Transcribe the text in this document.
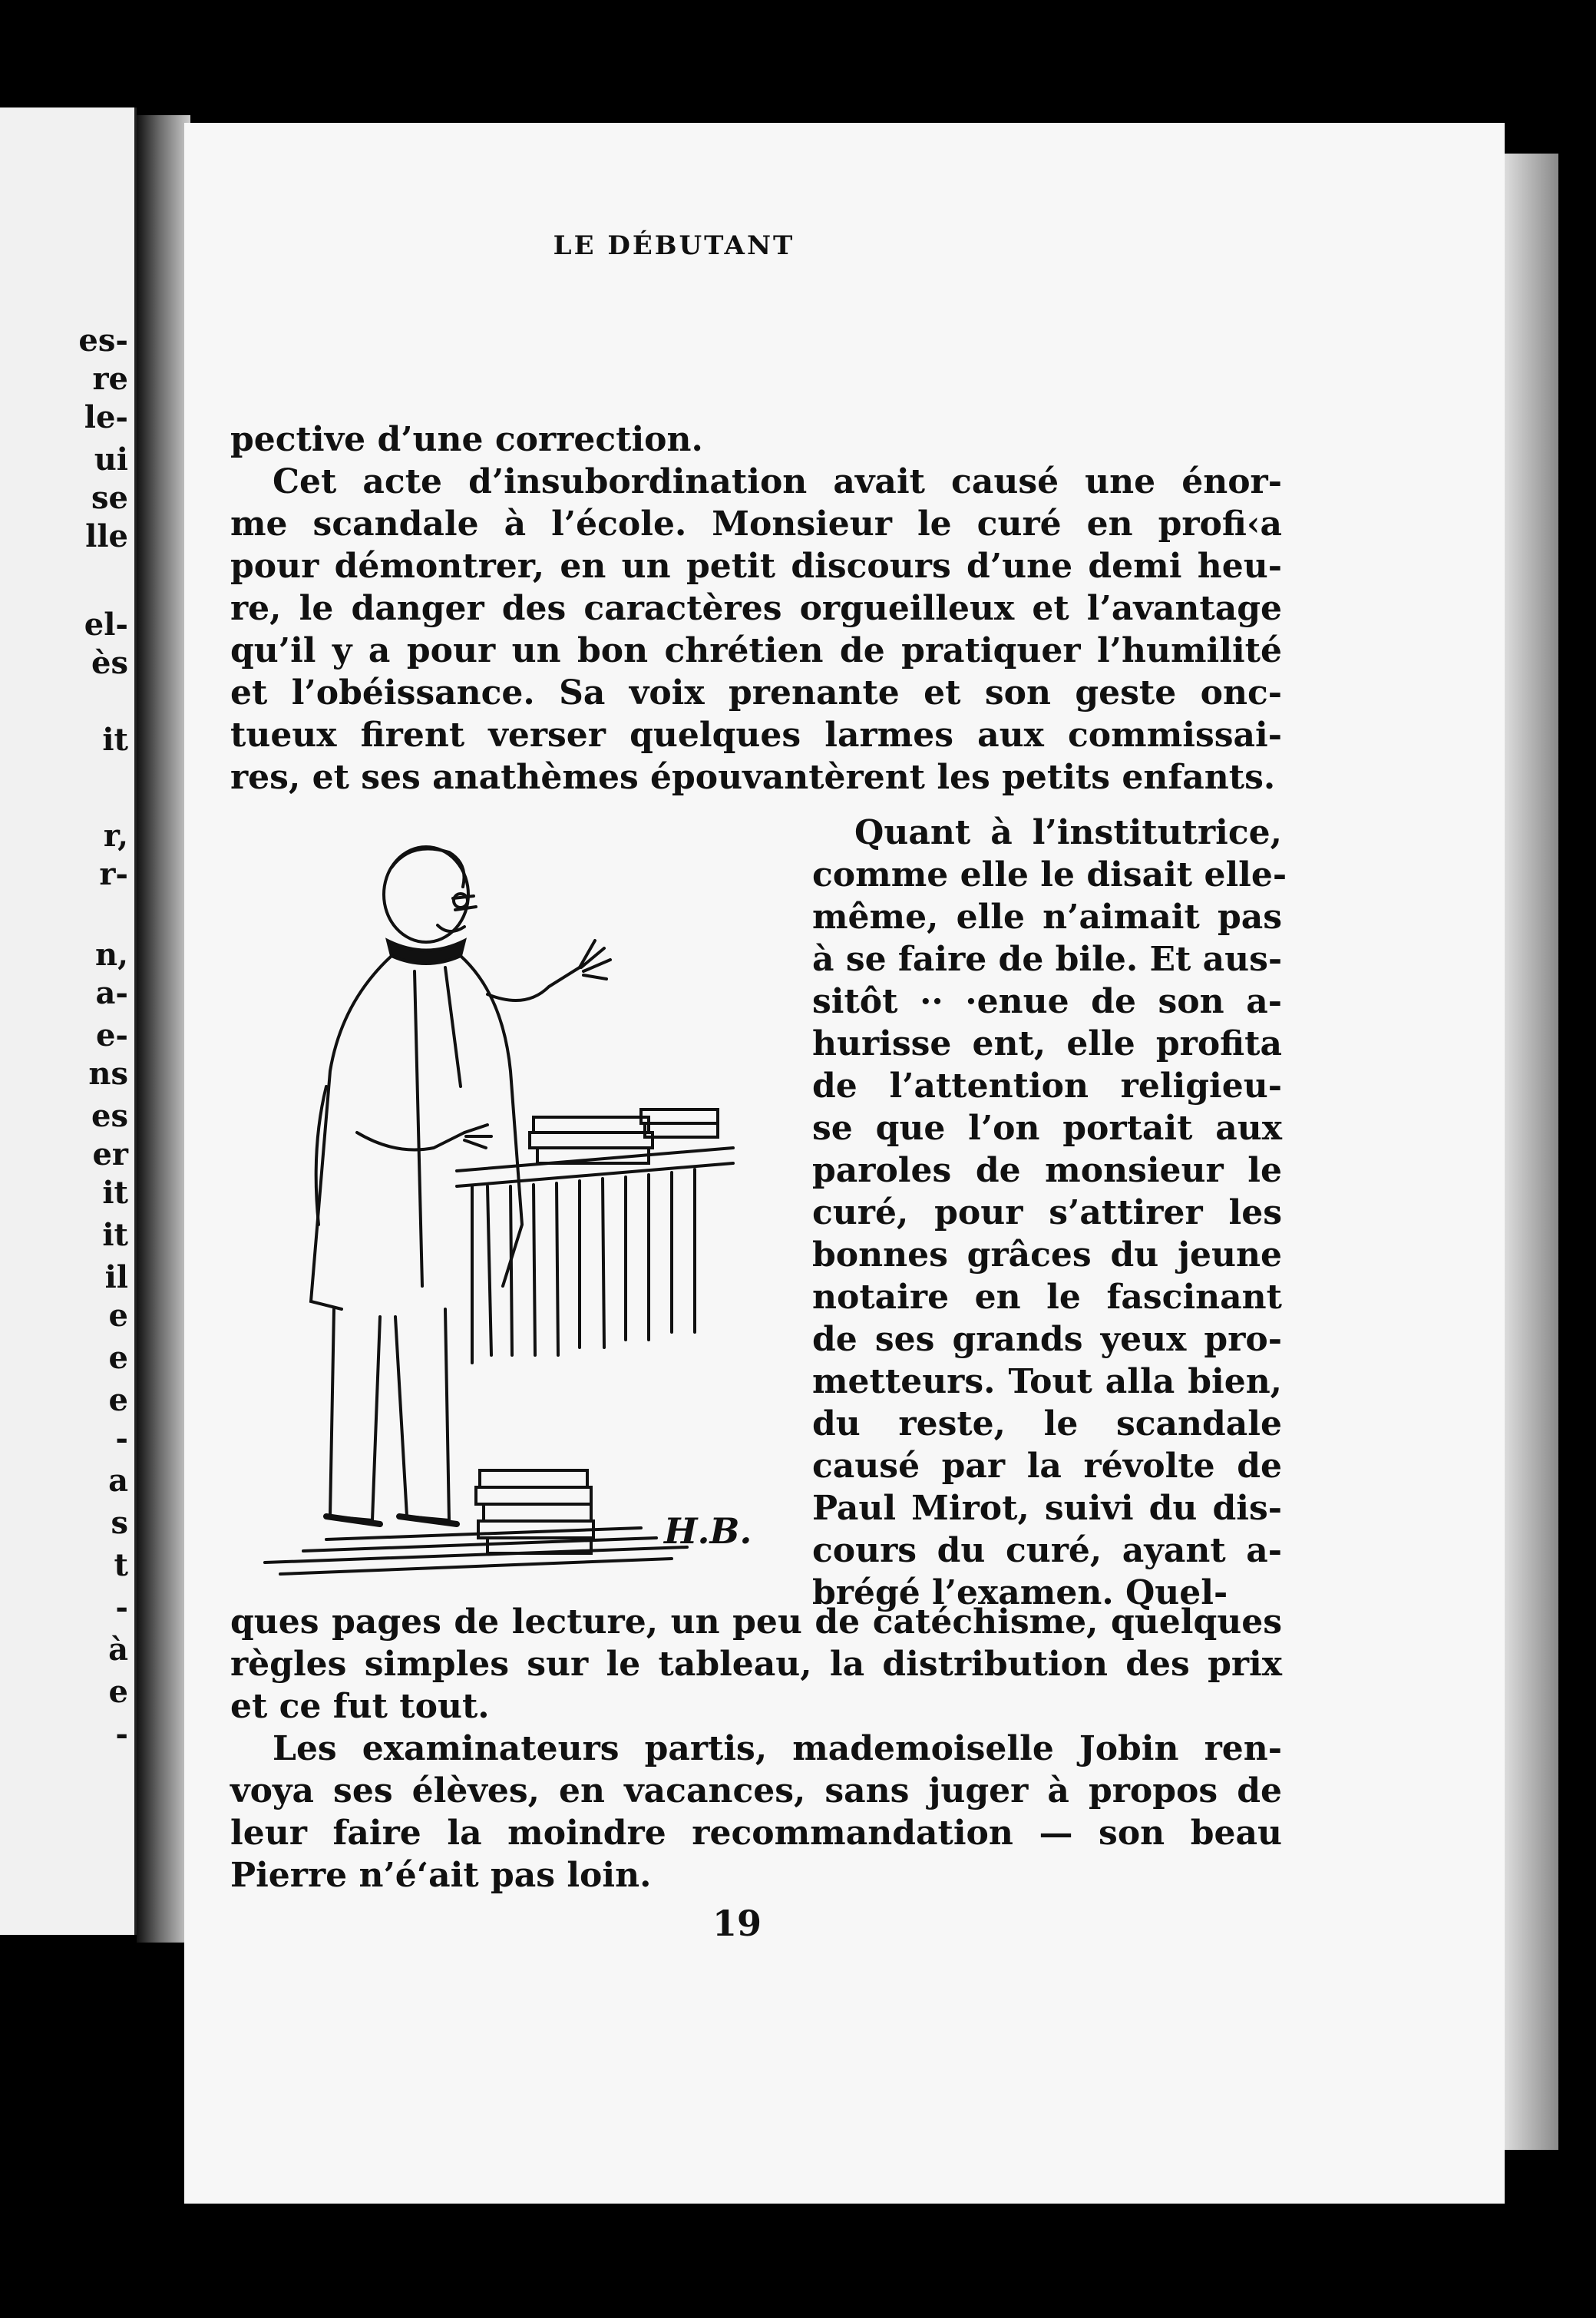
es-
re
le-
ui
se
lle
el-
ès
it
r,
r-
n,
a-
e-
ns
es
er
it
it
il
e
e
e
-
a
s
t
-
à
e
-
LE DÉBUTANT
pective d’une correction.
Cet acte d’insubordination avait causé une énor-
me scandale à l’école. Monsieur le curé en profi‹a
pour démontrer, en un petit discours d’une demi heu-
re, le danger des caractères orgueilleux et l’avantage
qu’il y a pour un bon chrétien de pratiquer l’humilité
et l’obéissance. Sa voix prenante et son geste onc-
tueux firent verser quelques larmes aux commissai-
res, et ses anathèmes épouvantèrent les petits enfants.
Quant à l’institutrice,
comme elle le disait elle-
même, elle n’aimait pas
à se faire de bile. Et aus-
sitôt ·· ·enue de son a-
hurisse ent, elle profita
de l’attention religieu-
se que l’on portait aux
paroles de monsieur le
curé, pour s’attirer les
bonnes grâces du jeune
notaire en le fascinant
de ses grands yeux pro-
metteurs. Tout alla bien,
du reste, le scandale
causé par la révolte de
Paul Mirot, suivi du dis-
cours du curé, ayant a-
brégé l’examen. Quel-
ques pages de lecture, un peu de catéchisme, quelques
règles simples sur le tableau, la distribution des prix
et ce fut tout.
Les examinateurs partis, mademoiselle Jobin ren-
voya ses élèves, en vacances, sans juger à propos de
leur faire la moindre recommandation — son beau
Pierre n’é‘ait pas loin.
H.B.
19
